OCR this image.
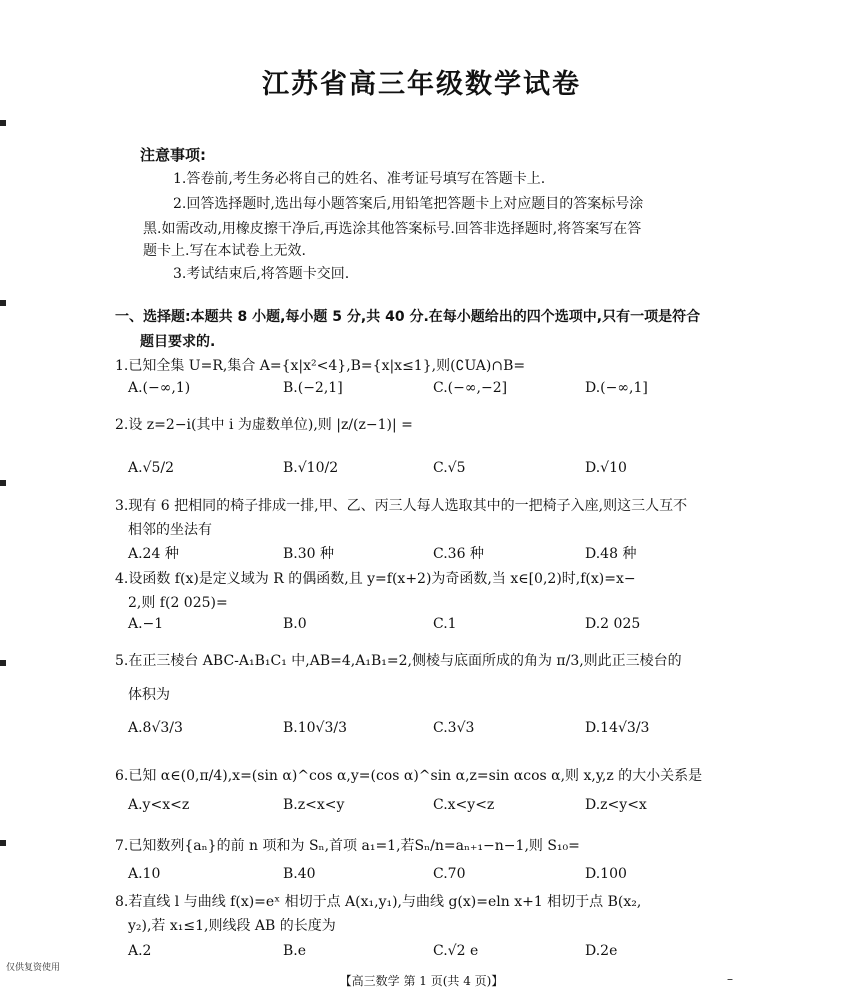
江苏省高三年级数学试卷
注意事项:
1.答卷前,考生务必将自己的姓名、准考证号填写在答题卡上.
2.回答选择题时,选出每小题答案后,用铅笔把答题卡上对应题目的答案标号涂
黑.如需改动,用橡皮擦干净后,再选涂其他答案标号.回答非选择题时,将答案写在答
题卡上.写在本试卷上无效.
3.考试结束后,将答题卡交回.
一、选择题:本题共 8 小题,每小题 5 分,共 40 分.在每小题给出的四个选项中,只有一项是符合
题目要求的.
1.已知全集 U=R,集合 A={x|x²<4},B={x|x≤1},则(∁UA)∩B=
A.(−∞,1)	B.(−2,1]	C.(−∞,−2]	D.(−∞,1]
2.设 z=2−i(其中 i 为虚数单位),则 |z/(z−1)| =
A.√5/2	B.√10/2	C.√5	D.√10
3.现有 6 把相同的椅子排成一排,甲、乙、丙三人每人选取其中的一把椅子入座,则这三人互不
相邻的坐法有
A.24 种	B.30 种	C.36 种	D.48 种
4.设函数 f(x)是定义域为 R 的偶函数,且 y=f(x+2)为奇函数,当 x∈[0,2)时,f(x)=x−
2,则 f(2 025)=
A.−1	B.0	C.1	D.2 025
5.在正三棱台 ABC-A₁B₁C₁ 中,AB=4,A₁B₁=2,侧棱与底面所成的角为 π/3,则此正三棱台的
体积为
A.8√3/3	B.10√3/3	C.3√3	D.14√3/3
6.已知 α∈(0,π/4),x=(sin α)^cos α,y=(cos α)^sin α,z=sin αcos α,则 x,y,z 的大小关系是
A.y<x<z	B.z<x<y	C.x<y<z	D.z<y<x
7.已知数列{aₙ}的前 n 项和为 Sₙ,首项 a₁=1,若Sₙ/n=aₙ₊₁−n−1,则 S₁₀=
A.10	B.40	C.70	D.100
8.若直线 l 与曲线 f(x)=eˣ 相切于点 A(x₁,y₁),与曲线 g(x)=eln x+1 相切于点 B(x₂,
y₂),若 x₁≤1,则线段 AB 的长度为
A.2	B.e	C.√2 e	D.2e
仅供复资使用
【高三数学 第 1 页(共 4 页)】	–
